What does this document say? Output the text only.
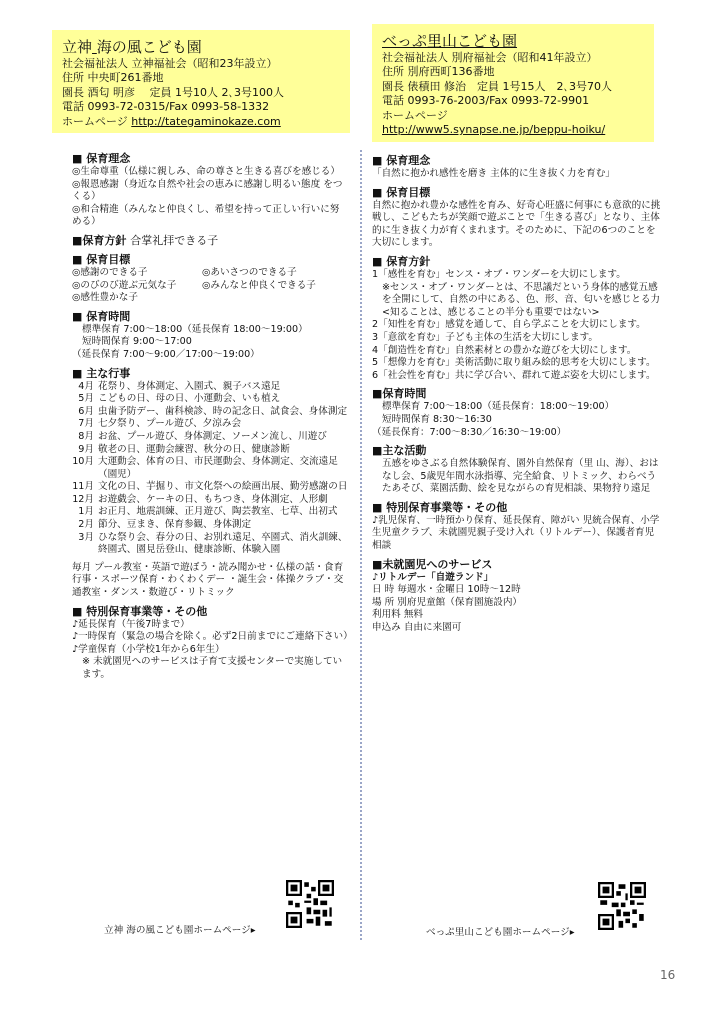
立神 海の風こども園
社会福祉法人 立神福祉会（昭和23年設立）
住所 中央町261番地
園長 酒匂 明彦　 定員 1号10人 2､3号100人
電話 0993-72-0315/Fax 0993-58-1332
ホームページ http://tategaminokaze.com
べっぷ里山こども園
社会福祉法人 別府福祉会（昭和41年設立）
住所 別府西町136番地
園長 俵積田 修治　定員 1号15人　2､3号70人
電話 0993-76-2003/Fax 0993-72-9901
ホームページ
http://www5.synapse.ne.jp/beppu-hoiku/
■ 保育理念

◎生命尊重（仏様に親しみ、命の尊さと生きる喜びを感じる）

◎報恩感謝（身近な自然や社会の恵みに感謝し明るい態度 をつくる）

◎和合精進（みんなと仲良くし、希望を持って正しい行いに努める）

■保育方針 合掌礼拝できる子
■ 保育目標
◎感謝のできる子	◎あいさつのできる子
◎のびのび遊ぶ元気な子	◎みんなと仲良くできる子
◎感性豊かな子
■ 保育時間

標準保育 7:00～18:00（延長保育 18:00～19:00）

短時間保育 9:00～17:00

（延長保育 7:00～9:00／17:00～19:00）

■ 主な行事
4月 花祭り、身体測定、入園式、親子バス遠足
5月 こどもの日、母の日、小運動会、いも植え
6月 虫歯予防デー、歯科検診、時の記念日、試食会、身体測定
7月 七夕祭り、プール遊び、夕涼み会
8月 お盆、プール遊び、身体測定、ソーメン流し、川遊び
9月 敬老の日、運動会練習、秋分の日、健康診断
10月 大運動会、体育の日、市民運動会、身体測定、交流遠足（園児）
11月 文化の日、芋掘り、市文化祭への絵画出展、勤労感謝の日
12月 お遊戯会、ケーキの日、もちつき、身体測定、人形劇
1月 お正月、地震訓練、正月遊び、陶芸教室、七草、出初式
2月 節分、豆まき、保育参観、身体測定
3月 ひな祭り会、春分の日、お別れ遠足、卒園式、消火訓練、終園式、園見岳登山、健康診断、体験入園

毎月 プール教室・英語で遊ぼう・読み聞かせ・仏様の話・食育行事・スポーツ保育・わくわくデー ・誕生会・体操クラブ・交通教室・ダンス・数遊び・リトミック

■ 特別保育事業等・その他

♪延長保育（午後7時まで）

♪一時保育（緊急の場合を除く。必ず2日前までにご連絡下さい）

♪学童保育（小学校1年から6年生）

※ 未就園児へのサービスは子育て支援センターで実施しています。

■ 保育理念

「自然に抱かれ感性を磨き 主体的に生き抜く力を育む」

■ 保育目標

自然に抱かれ豊かな感性を育み、好奇心旺盛に何事にも意欲的に挑戦し、こどもたちが笑顔で遊ぶことで「生きる喜び」となり、主体的に生き抜く力が育くまれます。そのために、下記の6つのことを大切にします。

■ 保育方針

1「感性を育む」センス・オブ・ワンダーを大切にします。

※センス・オブ・ワンダーとは、不思議だという身体的感覚五感を全開にして、自然の中にある、色、形、音、匂いを感じとる力 <知ることは、感じることの半分も重要ではない>

2「知性を育む」感覚を通して、自ら学ぶことを大切にします。

3「意欲を育む」子ども主体の生活を大切にします。

4「創造性を育む」自然素材との豊かな遊びを大切にします。

5「想像力を育む」美術活動に取り組み絵的思考を大切にします。

6「社会性を育む」共に学び合い、群れて遊ぶ姿を大切にします。

■保育時間

標準保育 7:00～18:00（延長保育：18:00～19:00）

短時間保育 8:30～16:30

（延長保育：7:00～8:30／16:30～19:00）

■主な活動

五感をゆさぶる自然体験保育、園外自然保育（里 山、海）、おはなし会、5歳児年間水泳指導、完全給食、リトミック、わらべうたあそび、菜園活動、絵を見ながらの育児相談、果物狩り遠足

■ 特別保育事業等・その他

♪乳児保育、一時預かり保育、延長保育、障がい 児統合保育、小学生児童クラブ、未就園児親子受け入れ（リトルデー）、保護者育児相談

■未就園児へのサービス

♪リトルデー「自遊ランド」

日 時 毎週水・金曜日 10時～12時

場 所 別府児童館（保育園施設内）

利用料 無料

申込み 自由に来園可

立神 海の風こども園ホームページ▸	べっぷ里山こども園ホームページ▸
16
